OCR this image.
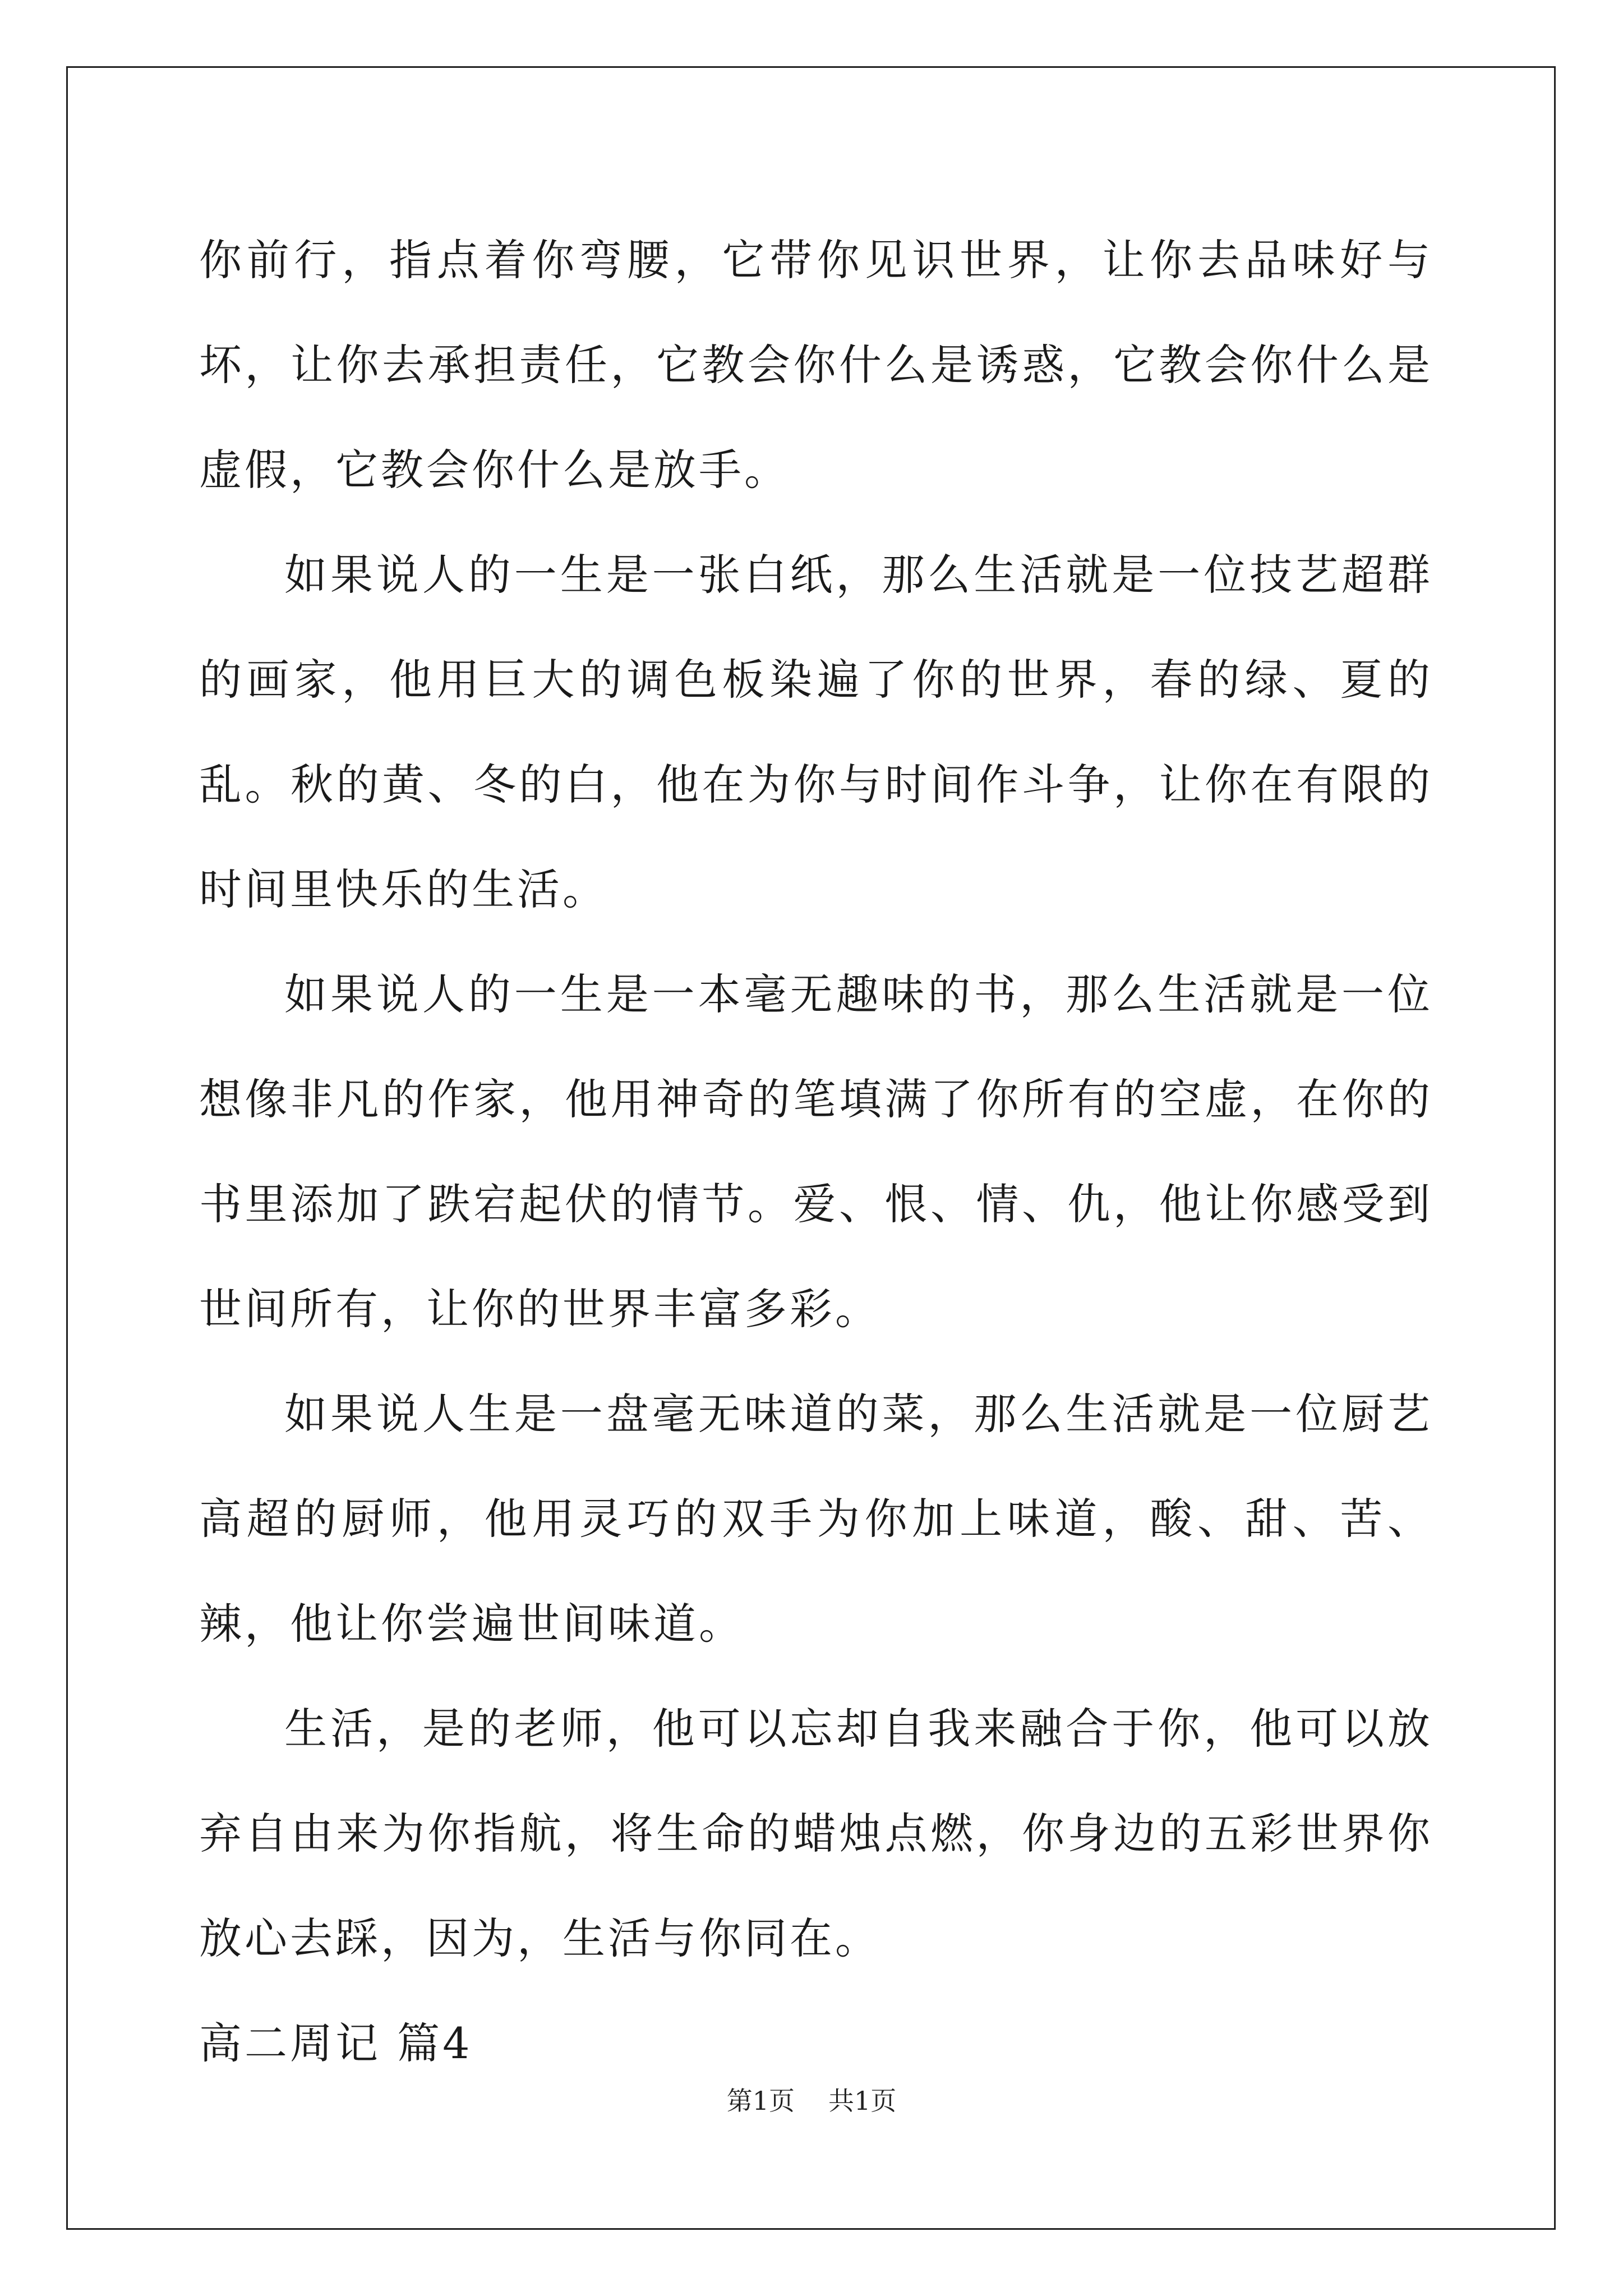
你前行，指点着你弯腰，它带你见识世界，让你去品味好与坏，让你去承担责任，它教会你什么是诱惑，它教会你什么是虚假，它教会你什么是放手。

如果说人的一生是一张白纸，那么生活就是一位技艺超群的画家，他用巨大的调色板染遍了你的世界，春的绿、夏的乱。秋的黄、冬的白，他在为你与时间作斗争，让你在有限的时间里快乐的生活。

如果说人的一生是一本毫无趣味的书，那么生活就是一位想像非凡的作家，他用神奇的笔填满了你所有的空虚，在你的书里添加了跌宕起伏的情节。爱、恨、情、仇，他让你感受到世间所有，让你的世界丰富多彩。

如果说人生是一盘毫无味道的菜，那么生活就是一位厨艺高超的厨师，他用灵巧的双手为你加上味道，酸、甜、苦、辣，他让你尝遍世间味道。

生活，是的老师，他可以忘却自我来融合于你，他可以放弃自由来为你指航，将生命的蜡烛点燃，你身边的五彩世界你放心去踩，因为，生活与你同在。

高二周记 篇4

第1页 共1页
